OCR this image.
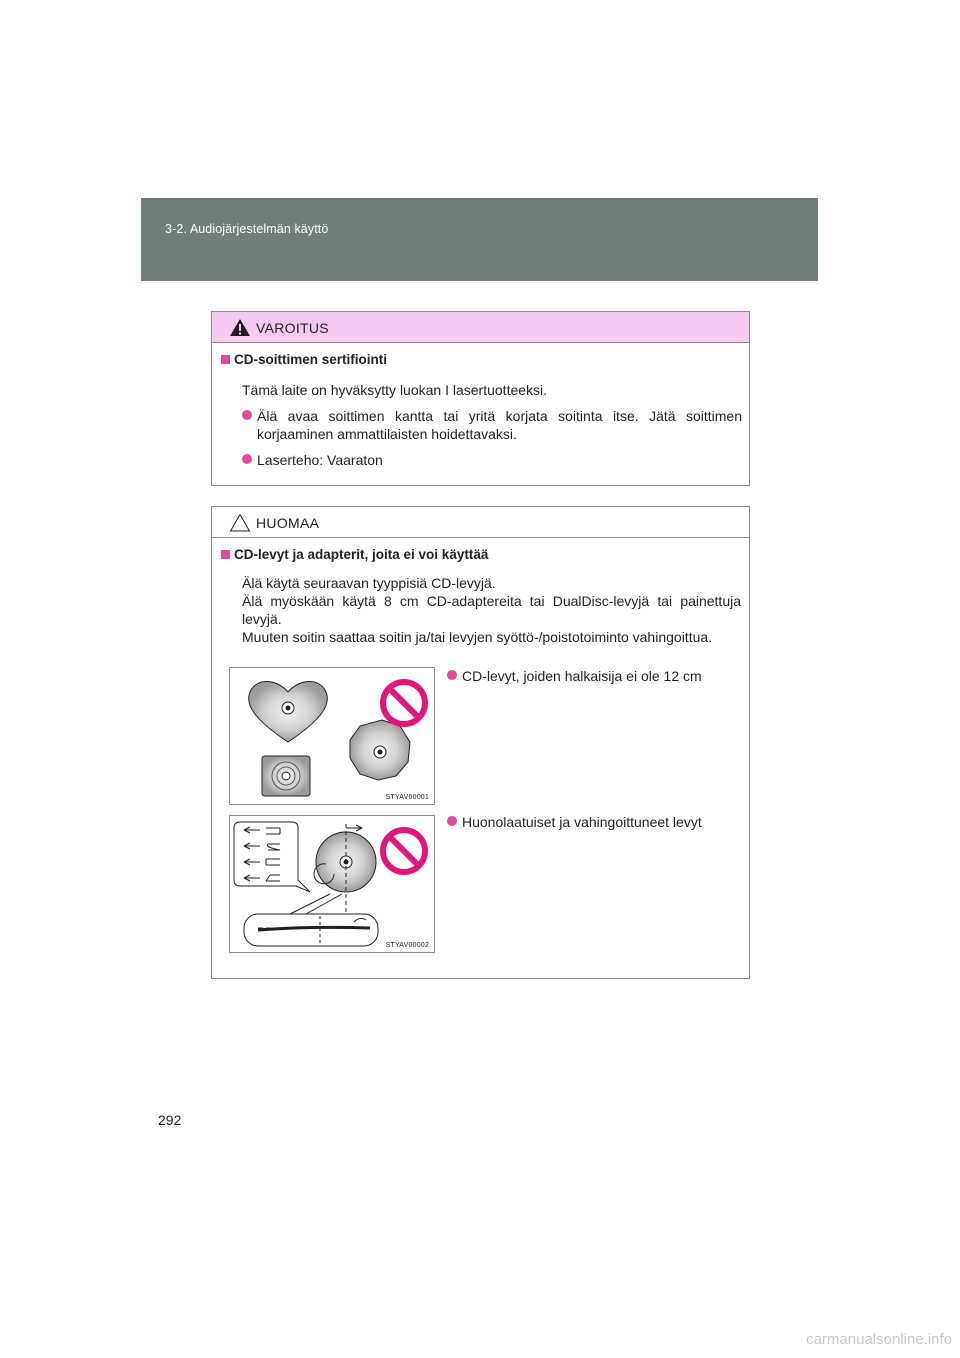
3-2. Audiojärjestelmän käyttö
VAROITUS
CD-soittimen sertifiointi
Tämä laite on hyväksytty luokan I lasertuotteeksi.
Älä avaa soittimen kantta tai yritä korjata soitinta itse. Jätä soittimen korjaaminen ammattilaisten hoidettavaksi.
Laserteho: Vaaraton
HUOMAA
CD-levyt ja adapterit, joita ei voi käyttää
Älä käytä seuraavan tyyppisiä CD-levyjä.
Älä myöskään käytä 8 cm CD-adaptereita tai DualDisc-levyjä tai painettuja levyjä.
Muuten soitin saattaa soitin ja/tai levyjen syöttö-/poistotoiminto vahingoittua.
STYAV00001
CD-levyt, joiden halkaisija ei ole 12 cm
STYAV00002
Huonolaatuiset ja vahingoittuneet levyt
292
carmanualsonline.info
